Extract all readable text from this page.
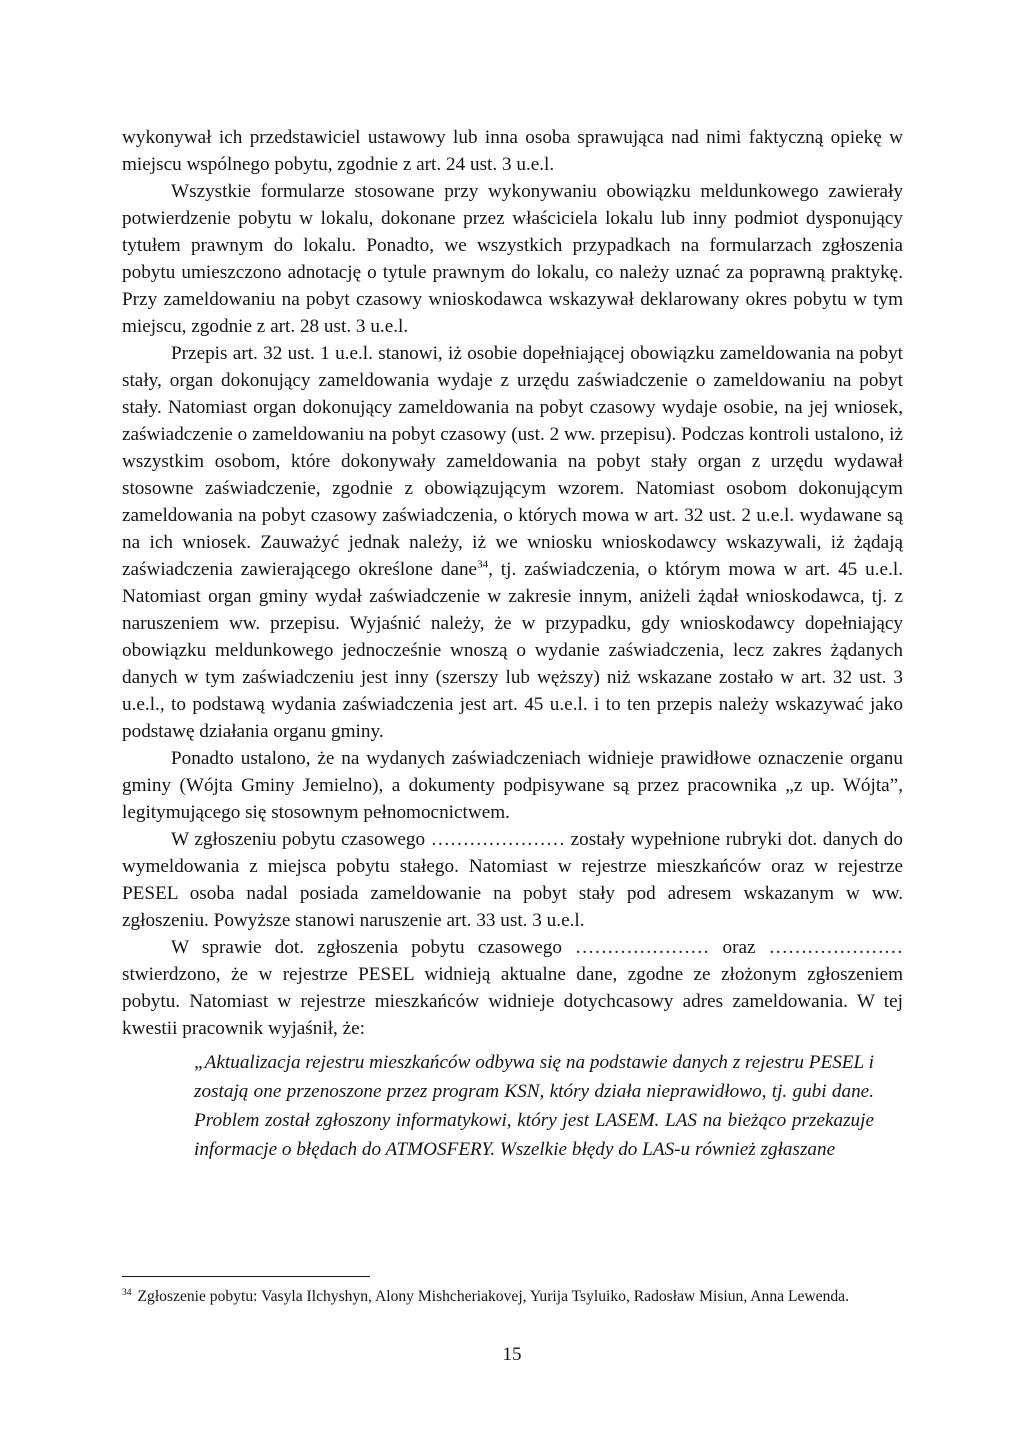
wykonywał ich przedstawiciel ustawowy lub inna osoba sprawująca nad nimi faktyczną opiekę w miejscu wspólnego pobytu, zgodnie z art. 24 ust. 3 u.e.l.

Wszystkie formularze stosowane przy wykonywaniu obowiązku meldunkowego zawierały potwierdzenie pobytu w lokalu, dokonane przez właściciela lokalu lub inny podmiot dysponujący tytułem prawnym do lokalu. Ponadto, we wszystkich przypadkach na formularzach zgłoszenia pobytu umieszczono adnotację o tytule prawnym do lokalu, co należy uznać za poprawną praktykę. Przy zameldowaniu na pobyt czasowy wnioskodawca wskazywał deklarowany okres pobytu w tym miejscu, zgodnie z art. 28 ust. 3 u.e.l.

Przepis art. 32 ust. 1 u.e.l. stanowi, iż osobie dopełniającej obowiązku zameldowania na pobyt stały, organ dokonujący zameldowania wydaje z urzędu zaświadczenie o zameldowaniu na pobyt stały. Natomiast organ dokonujący zameldowania na pobyt czasowy wydaje osobie, na jej wniosek, zaświadczenie o zameldowaniu na pobyt czasowy (ust. 2 ww. przepisu). Podczas kontroli ustalono, iż wszystkim osobom, które dokonywały zameldowania na pobyt stały organ z urzędu wydawał stosowne zaświadczenie, zgodnie z obowiązującym wzorem. Natomiast osobom dokonującym zameldowania na pobyt czasowy zaświadczenia, o których mowa w art. 32 ust. 2 u.e.l. wydawane są na ich wniosek. Zauważyć jednak należy, iż we wniosku wnioskodawcy wskazywali, iż żądają zaświadczenia zawierającego określone dane$^{34}$, tj. zaświadczenia, o którym mowa w art. 45 u.e.l. Natomiast organ gminy wydał zaświadczenie w zakresie innym, aniżeli żądał wnioskodawca, tj. z naruszeniem ww. przepisu. Wyjaśnić należy, że w przypadku, gdy wnioskodawcy dopełniający obowiązku meldunkowego jednocześnie wnoszą o wydanie zaświadczenia, lecz zakres żądanych danych w tym zaświadczeniu jest inny (szerszy lub węższy) niż wskazane zostało w art. 32 ust. 3 u.e.l., to podstawą wydania zaświadczenia jest art. 45 u.e.l. i to ten przepis należy wskazywać jako podstawę działania organu gminy.

Ponadto ustalono, że na wydanych zaświadczeniach widnieje prawidłowe oznaczenie organu gminy (Wójta Gminy Jemielno), a dokumenty podpisywane są przez pracownika „z up. Wójta”, legitymującego się stosownym pełnomocnictwem.

W zgłoszeniu pobytu czasowego ………………… zostały wypełnione rubryki dot. danych do wymeldowania z miejsca pobytu stałego. Natomiast w rejestrze mieszkańców oraz w rejestrze PESEL osoba nadal posiada zameldowanie na pobyt stały pod adresem wskazanym w ww. zgłoszeniu. Powyższe stanowi naruszenie art. 33 ust. 3 u.e.l.

W sprawie dot. zgłoszenia pobytu czasowego ………………… oraz ………………… stwierdzono, że w rejestrze PESEL widnieją aktualne dane, zgodne ze złożonym zgłoszeniem pobytu. Natomiast w rejestrze mieszkańców widnieje dotychcasowy adres zameldowania. W tej kwestii pracownik wyjaśnił, że:

„Aktualizacja rejestru mieszkańców odbywa się na podstawie danych z rejestru PESEL i zostają one przenoszone przez program KSN, który działa nieprawidłowo, tj. gubi dane. Problem został zgłoszony informatykowi, który jest LASEM. LAS na bieżąco przekazuje informacje o błędach do ATMOSFERY. Wszelkie błędy do LAS-u również zgłaszane

$^{34}$ Zgłoszenie pobytu: Vasyla Ilchyshyn, Alony Mishcheriakovej, Yurija Tsyluiko, Radosław Misiun, Anna Lewenda.
15
